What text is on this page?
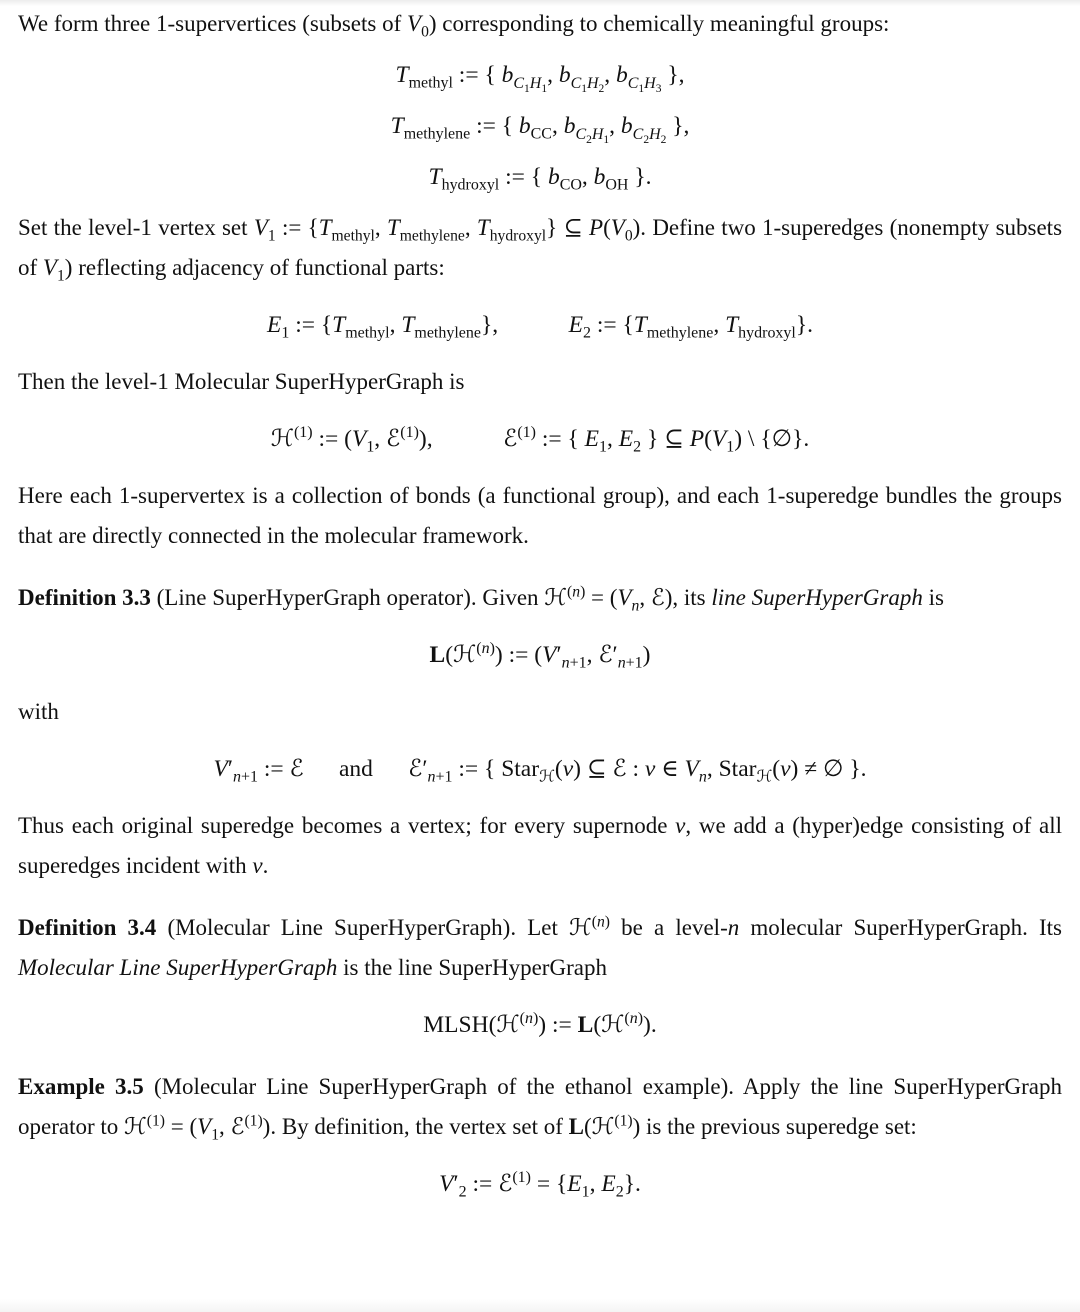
We form three 1-supervertices (subsets of $V_0$) corresponding to chemically meaningful groups:

$T_{methyl}$ := { $b_{C_1H_1}$, $b_{C_1H_2}$, $b_{C_1H_3}$ },
$T_{methylene}$ := { $b_{CC}$, $b_{C_2H_1}$, $b_{C_2H_2}$ },
$T_{hydroxyl}$ := { $b_{CO}$, $b_{OH}$ }.

Set the level-1 vertex set $V_1$ := {$T_{methyl}$, $T_{methylene}$, $T_{hydroxyl}$} ⊆ $P(V_0)$. Define two 1-superedges (nonempty subsets of $V_1$) reflecting adjacency of functional parts:

$E_1$ := {$T_{methyl}$, $T_{methylene}$},   $E_2$ := {$T_{methylene}$, $T_{hydroxyl}$}.

Then the level-1 Molecular SuperHyperGraph is

ℋ$^{(1)}$ := ($V_1$, ℰ$^{(1)}$),   ℰ$^{(1)}$ := { $E_1$, $E_2$ } ⊆ $P(V_1)$ \ {∅}.

Here each 1-supervertex is a collection of bonds (a functional group), and each 1-superedge bundles the groups that are directly connected in the molecular framework.

Definition 3.3 (Line SuperHyperGraph operator). Given ℋ$^{(n)}$ = ($V_n$, ℰ), its line SuperHyperGraph is

L(ℋ$^{(n)}$) := ($V'_{n+1}$, $ℰ'_{n+1}$)

with

$V'_{n+1}$ := ℰ  and  $ℰ'_{n+1}$ := { Star$_ℋ$(v) ⊆ ℰ : v ∈ $V_n$, Star$_ℋ$(v) ≠ ∅ }.

Thus each original superedge becomes a vertex; for every supernode v, we add a (hyper)edge consisting of all superedges incident with v.

Definition 3.4 (Molecular Line SuperHyperGraph). Let ℋ$^{(n)}$ be a level-n molecular SuperHyperGraph. Its Molecular Line SuperHyperGraph is the line SuperHyperGraph

MLSH(ℋ$^{(n)}$) := L(ℋ$^{(n)}$).

Example 3.5 (Molecular Line SuperHyperGraph of the ethanol example). Apply the line SuperHyperGraph operator to ℋ$^{(1)}$ = ($V_1$, ℰ$^{(1)}$). By definition, the vertex set of L(ℋ$^{(1)}$) is the previous superedge set:

$V'_2$ := ℰ$^{(1)}$ = {$E_1$, $E_2$}.
